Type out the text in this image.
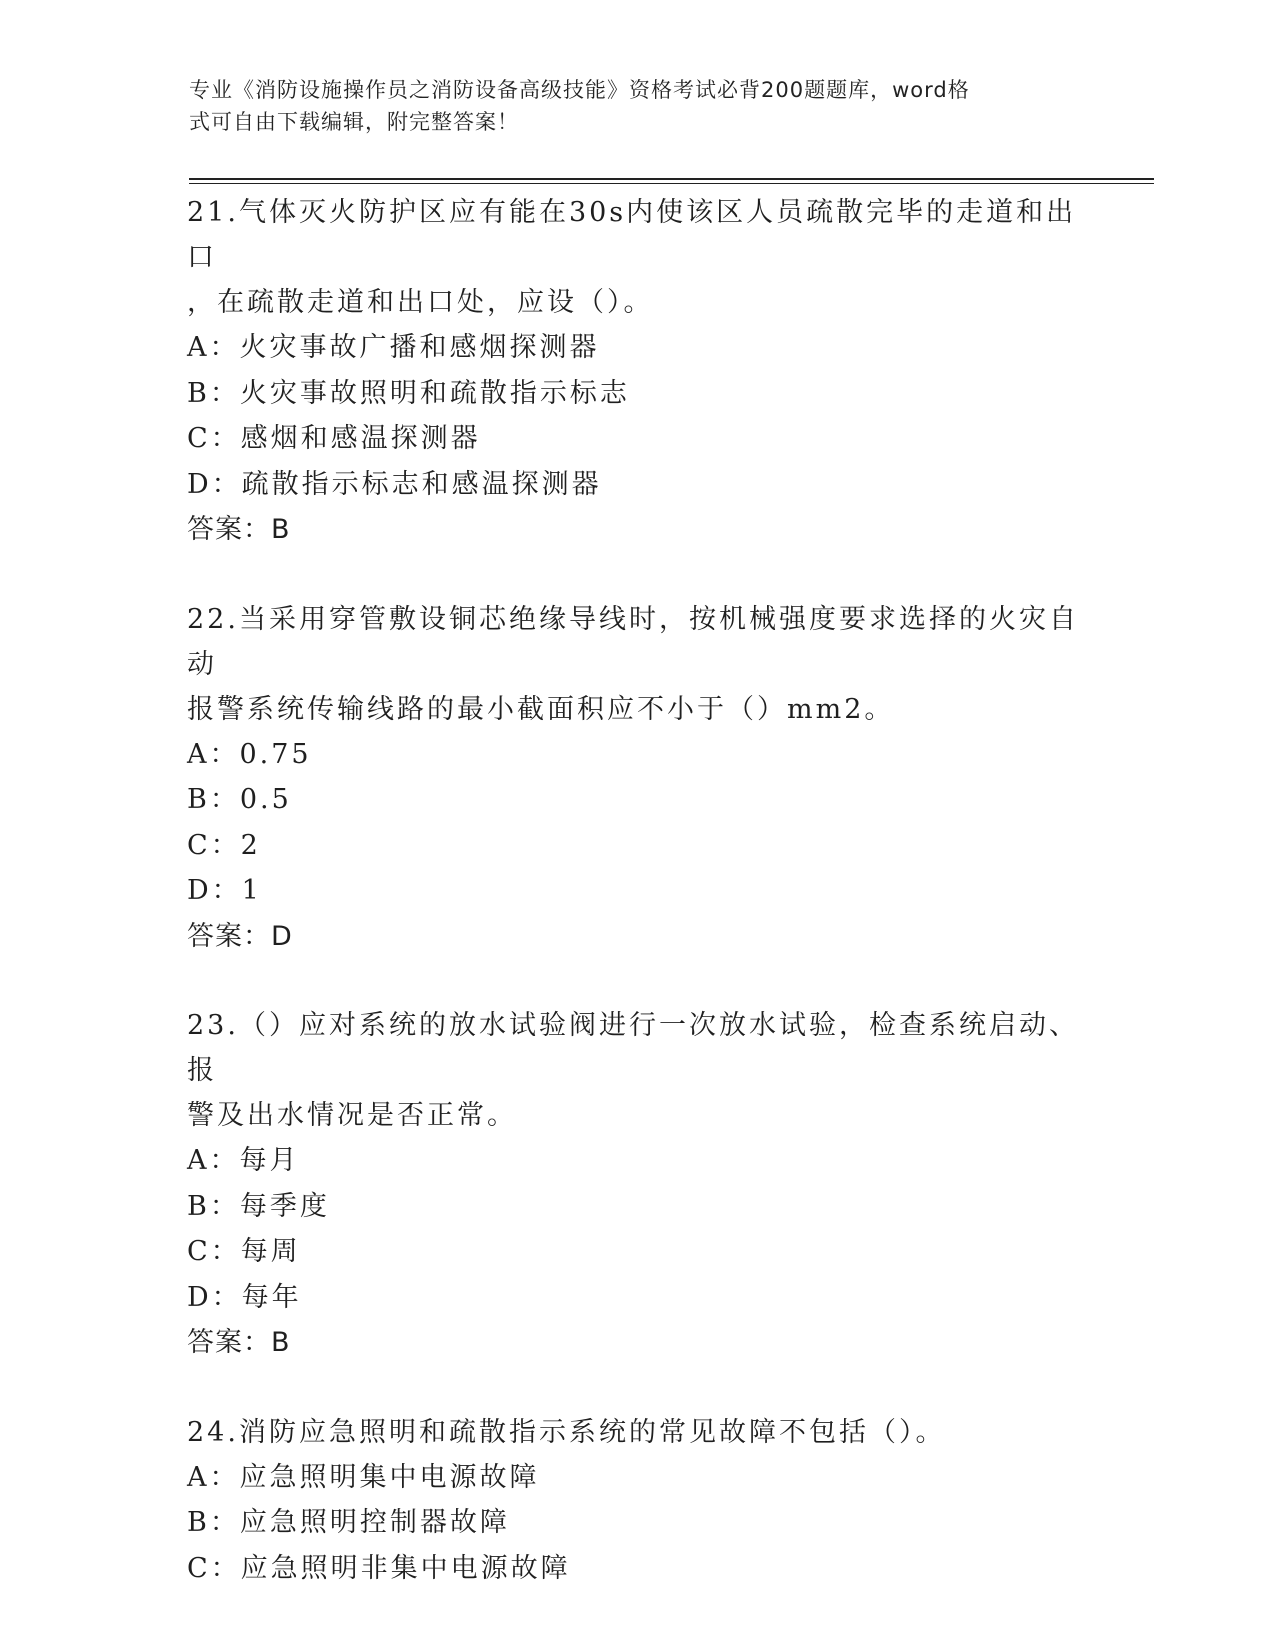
专业《消防设施操作员之消防设备高级技能》资格考试必背200题题库，word格
式可自由下载编辑，附完整答案！
21.气体灭火防护区应有能在30s内使该区人员疏散完毕的走道和出口
，在疏散走道和出口处，应设（）。
A：火灾事故广播和感烟探测器
B：火灾事故照明和疏散指示标志
C：感烟和感温探测器
D：疏散指示标志和感温探测器
答案：B
22.当采用穿管敷设铜芯绝缘导线时，按机械强度要求选择的火灾自动
报警系统传输线路的最小截面积应不小于（）mm2。
A：0.75
B：0.5
C：2
D：1
答案：D
23.（）应对系统的放水试验阀进行一次放水试验，检查系统启动、报
警及出水情况是否正常。
A：每月
B：每季度
C：每周
D：每年
答案：B
24.消防应急照明和疏散指示系统的常见故障不包括（）。
A：应急照明集中电源故障
B：应急照明控制器故障
C：应急照明非集中电源故障
